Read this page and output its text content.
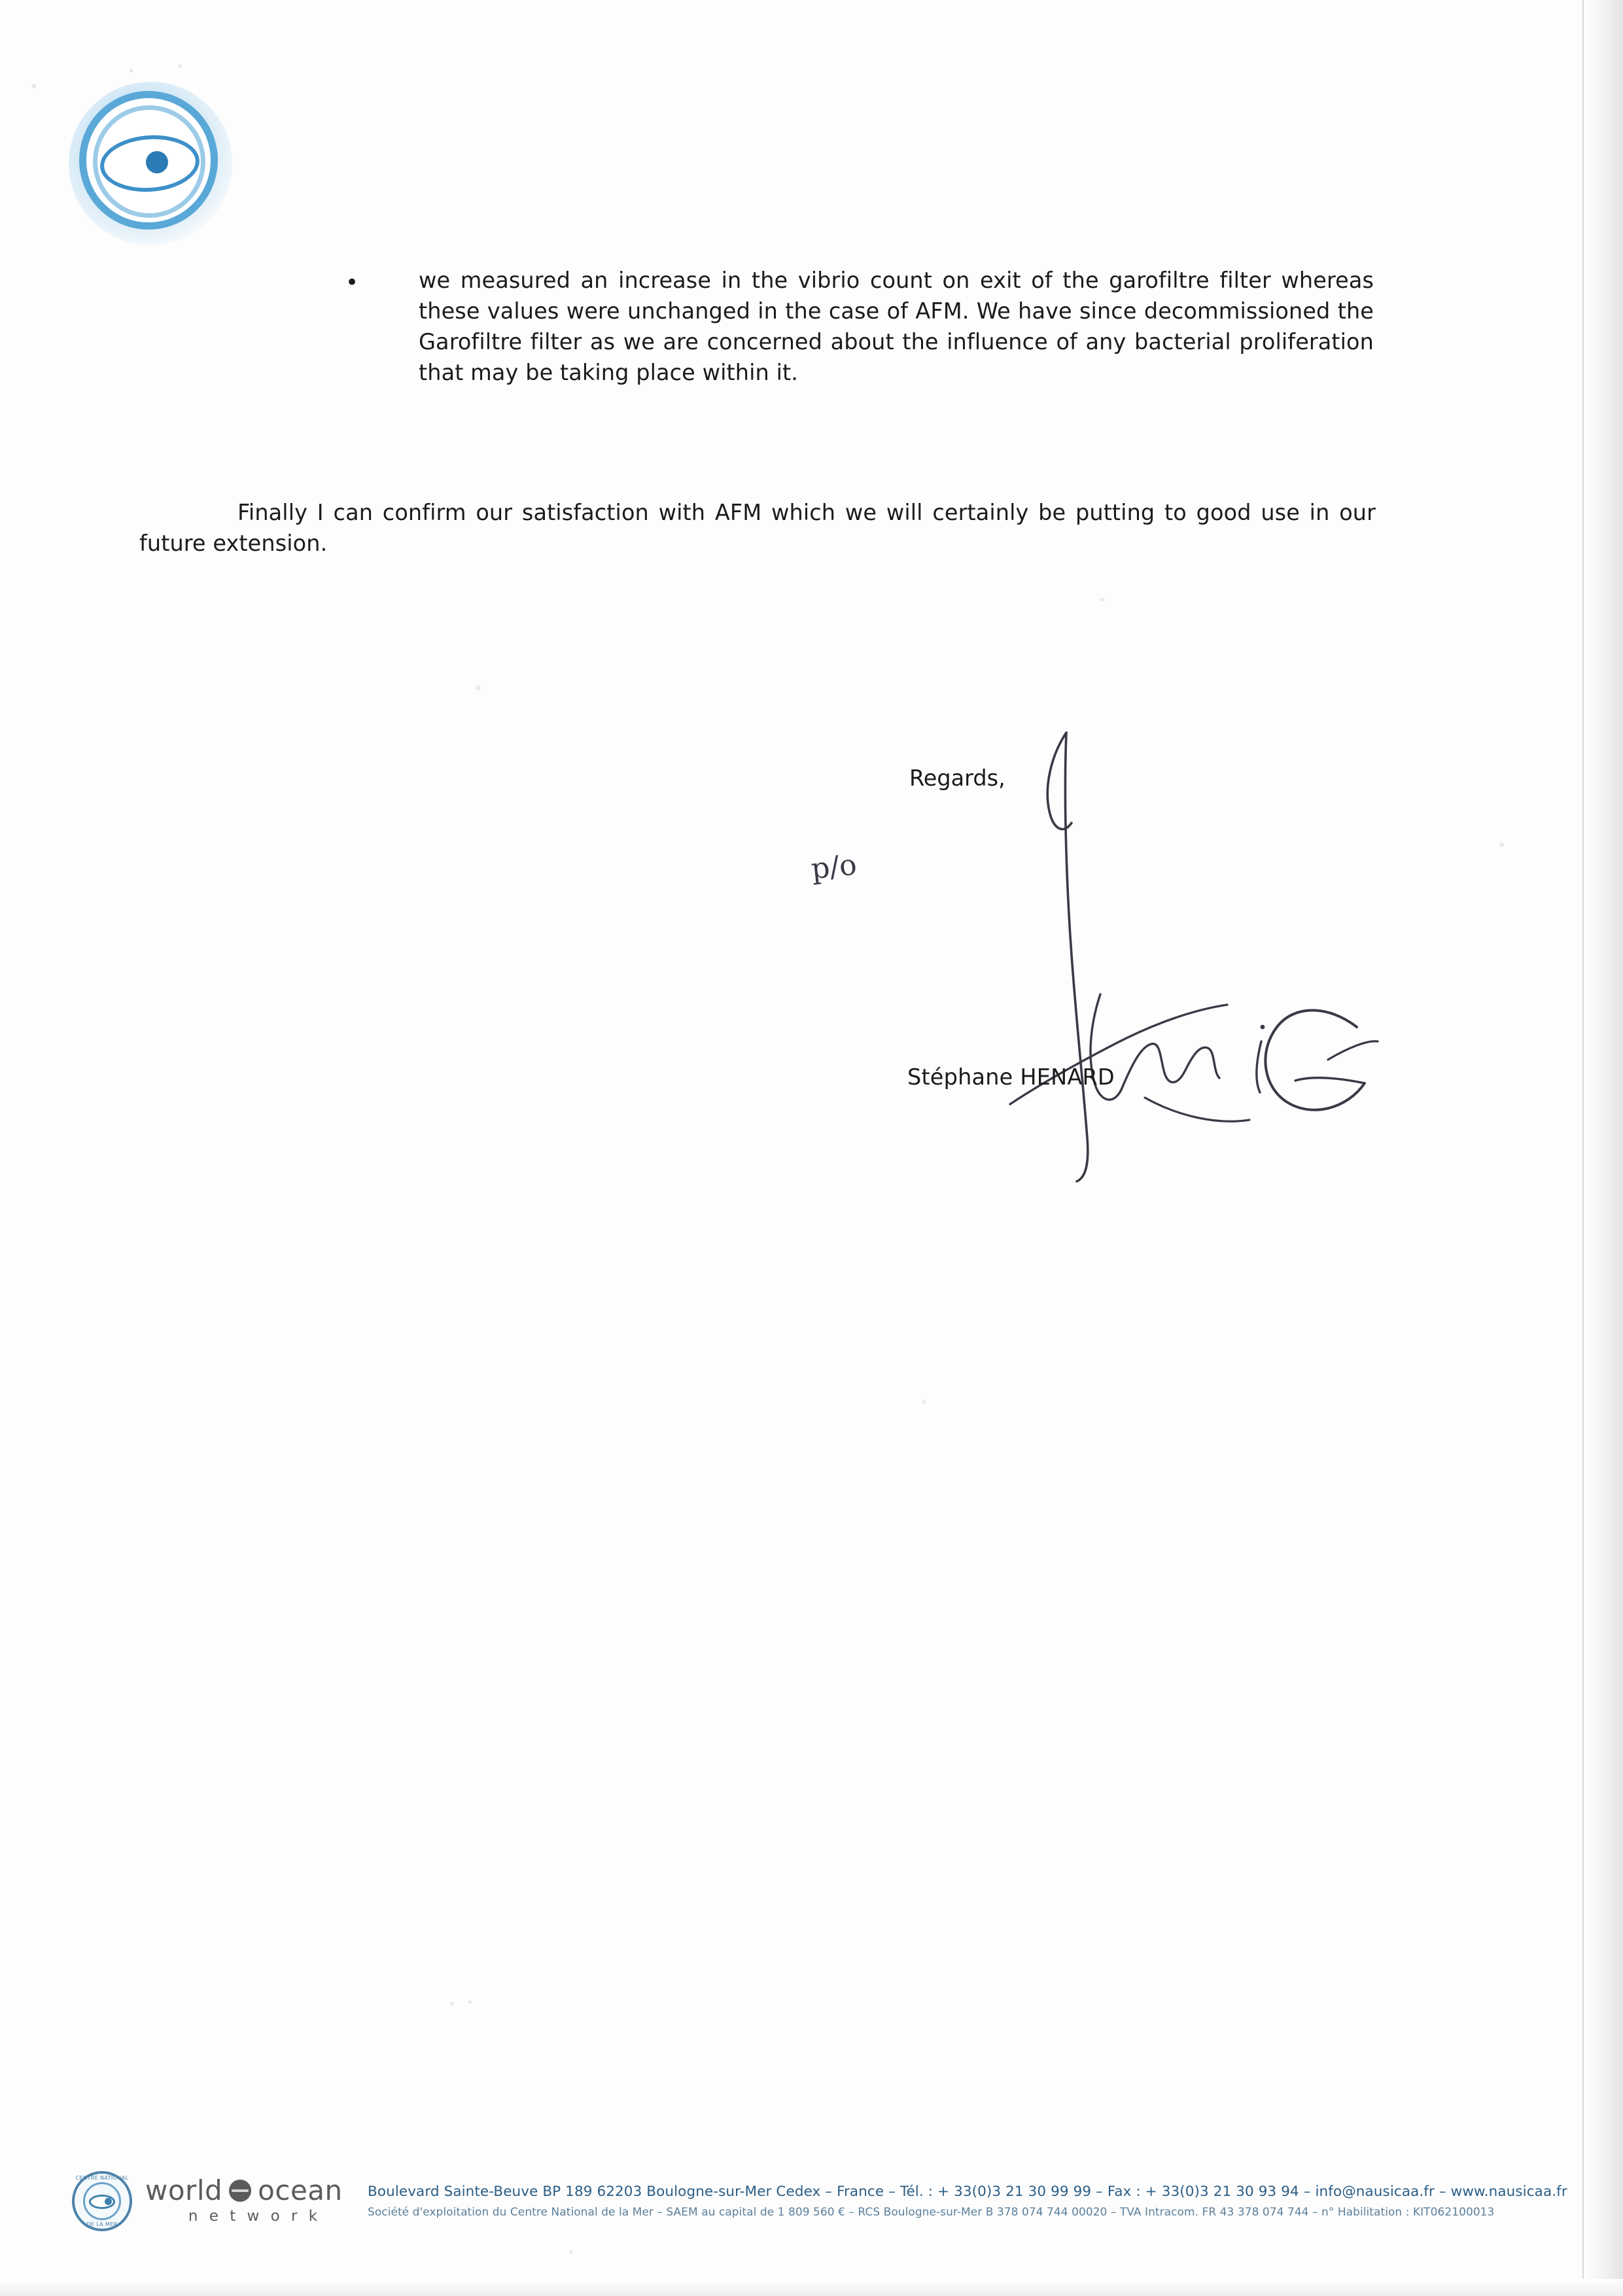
•	we measured an increase in the vibrio count on exit of the garofiltre filter whereas these values were unchanged in the case of AFM. We have since decommissioned the Garofiltre filter as we are concerned about the influence of any bacterial proliferation that may be taking place within it.
Finally I can confirm our satisfaction with AFM which we will certainly be putting to good use in our future extension.
Regards,
p/o
Stéphane HENARD
CENTRE NATIONAL
DE LA MER
world ocean
n e t w o r k
Boulevard Sainte-Beuve BP 189 62203 Boulogne-sur-Mer Cedex – France – Tél. : + 33(0)3 21 30 99 99 – Fax : + 33(0)3 21 30 93 94 – info@nausicaa.fr – www.nausicaa.fr
Société d'exploitation du Centre National de la Mer – SAEM au capital de 1 809 560 € – RCS Boulogne-sur-Mer B 378 074 744 00020 – TVA Intracom. FR 43 378 074 744 – n° Habilitation : KIT062100013
